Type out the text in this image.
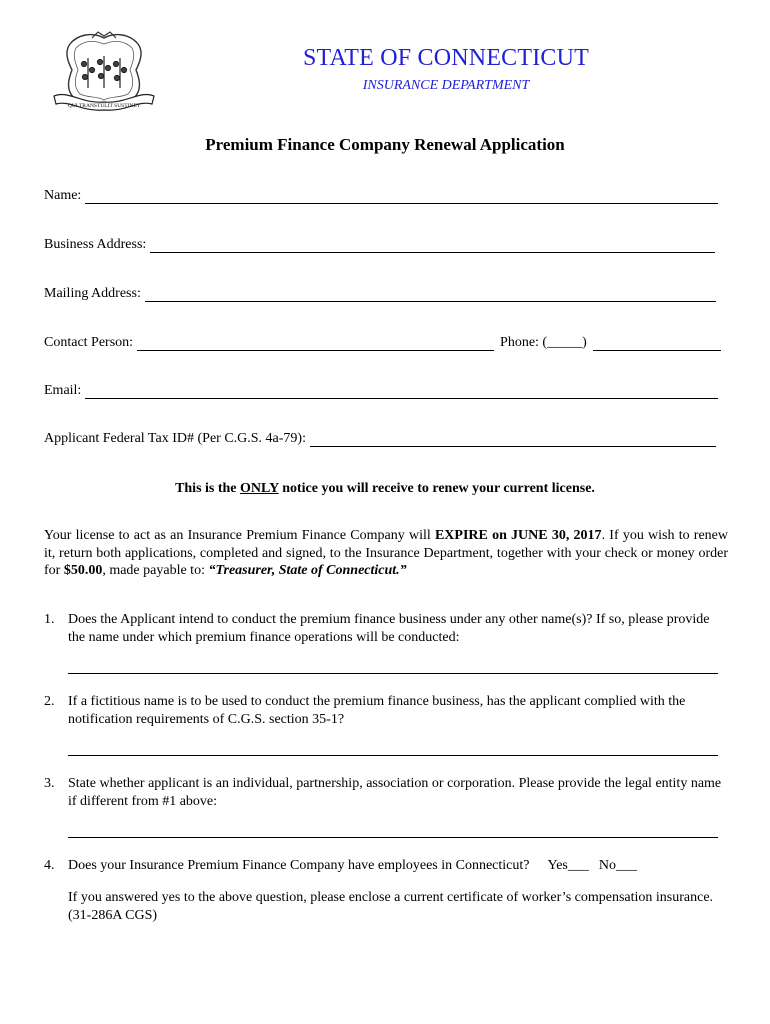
QUI TRANSTULIT SUSTINET
STATE OF CONNECTICUT
INSURANCE DEPARTMENT
Premium Finance Company Renewal Application
Name:
Business Address:
Mailing Address:
Contact Person:	Phone: (_____)
Email:
Applicant Federal Tax ID# (Per C.G.S. 4a-79):
This is the ONLY notice you will receive to renew your current license.
Your license to act as an Insurance Premium Finance Company will EXPIRE on JUNE 30, 2017. If you wish to renew it, return both applications, completed and signed, to the Insurance Department, together with your check or money order for $50.00, made payable to: “Treasurer, State of Connecticut.”
1. Does the Applicant intend to conduct the premium finance business under any other name(s)? If so, please provide the name under which premium finance operations will be conducted:
2. If a fictitious name is to be used to conduct the premium finance business, has the applicant complied with the notification requirements of C.G.S. section 35-1?
3. State whether applicant is an individual, partnership, association or corporation. Please provide the legal entity name if different from #1 above:
4. Does your Insurance Premium Finance Company have employees in Connecticut? Yes___ No___
If you answered yes to the above question, please enclose a current certificate of worker’s compensation insurance. (31-286A CGS)
